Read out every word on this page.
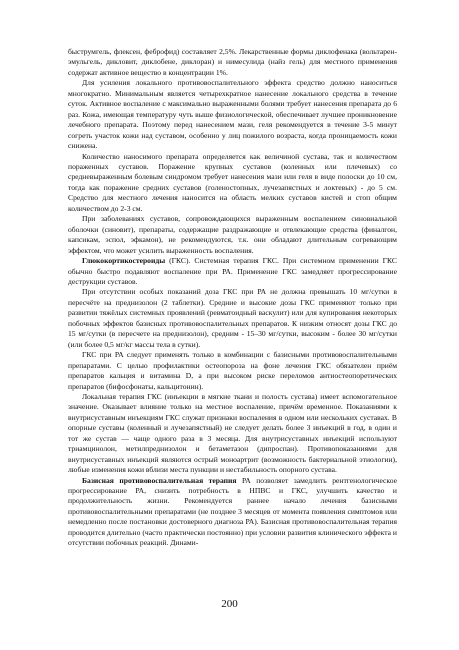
быструмгель, флексен, феброфид) составляет 2,5%. Лекарственные формы диклофенака (вольтарен-эмульгель, дикловит, диклобене, диклоран) и нимесулида (найз гель) для местного применения содержат активное вещество в концентрации 1%.

Для усиления локального противовоспалительного эффекта средство должно наноситься многократно. Минимальным является четырехкратное нанесение локального средства в течение суток. Активное воспаление с максимально выраженными болями требует нанесения препарата до 6 раз. Кожа, имеющая температуру чуть выше физиологической, обеспечивает лучшее проникновение лечебного препарата. Поэтому перед нанесением мази, геля рекомендуется в течение 3-5 минут согреть участок кожи над суставом, особенно у лиц пожилого возраста, когда проницаемость кожи снижена.

Количество наносимого препарата определяется как величиной сустава, так и количеством пораженных суставов. Поражение крупных суставов (коленных или плечевых) со средневыраженным болевым синдромом требует нанесения мази или геля в виде полоски до 10 см, тогда как поражение средних суставов (голеностопных, лучезапястных и локтевых) - до 5 см. Средство для местного лечения наносится на область мелких суставов кистей и стоп общим количеством до 2-3 см.

При заболеваниях суставов, сопровождающихся выраженным воспалением синовиальной оболочки (синовит), препараты, содержащие раздражающие и отвлекающие средства (финалгон, капсикам, эспол, эфкамон), не рекомендуются, т.к. они обладают длительным согревающим эффектом, что может усилить выраженность воспаления.

Глюкокортикостероиды (ГКС). Системная терапия ГКС. При системном применении ГКС обычно быстро подавляют воспаление при РА. Применение ГКС замедляет прогрессирование деструкции суставов.

При отсутствии особых показаний доза ГКС при РА не должна превышать 10 мг/сутки в пересчёте на преднизолон (2 таблетки). Средние и высокие дозы ГКС применяют только при развитии тяжёлых системных проявлений (ревматоидный васкулит) или для купирования некоторых побочных эффектов базисных противовоспалительных препаратов. К низким относят дозы ГКС до 15 мг/сутки (в пересчете на преднизолон), средним - 15–30 мг/сутки, высоким - более 30 мг/сутки (или более 0,5 мг/кг массы тела в сутки).

ГКС при РА следует применять только в комбинации с базисными противовоспалительными препаратами. С целью профилактики остеопороза на фоне лечения ГКС обязателен приём препаратов кальция и витамина D, а при высоком риске переломов антиостеопоретических препаратов (бифосфонаты, кальцитонин).

Локальная терапия ГКС (инъекции в мягкие ткани и полость сустава) имеет вспомогательное значение. Оказывает влияние только на местное воспаление, причём временное. Показаниями к внутрисуставным инъекциям ГКС служат признаки воспаления в одном или нескольких суставах. В опорные суставы (коленный и лучезапястный) не следует делать более 3 инъекций в год, в один и тот же сустав — чаще одного раза в 3 месяца. Для внутрисуставных инъекций используют триамцинолон, метилпреднизолон и бетаметазон (дипроспан). Противопоказаниями для внутрисуставных инъекций являются острый моноартрит (возможность бактериальной этиологии), любые изменения кожи вблизи места пункции и нестабильность опорного сустава.

Базисная противовоспалительная терапия РА позволяет замедлить рентгенологическое прогрессирование РА, снизить потребность в НПВС и ГКС, улучшить качество и продолжительность жизни. Рекомендуется раннее начало лечения базисными противовоспалительными препаратами (не позднее 3 месяцев от момента появления симптомов или немедленно после постановки достоверного диагноза РА). Базисная противовоспалительная терапия проводится длительно (часто практически постоянно) при условии развития клинического эффекта и отсутствии побочных реакций. Динами-

200
